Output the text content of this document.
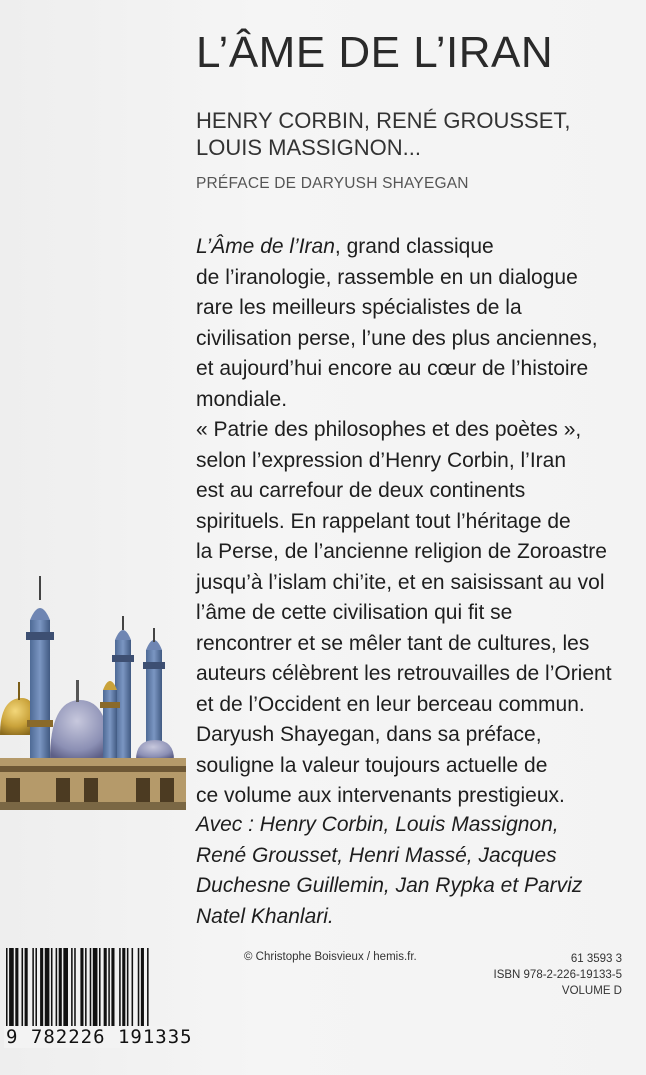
L’ÂME DE L’IRAN
HENRY CORBIN, RENÉ GROUSSET,
LOUIS MASSIGNON...
PRÉFACE DE DARYUSH SHAYEGAN
L’Âme de l’Iran, grand classique
de l’iranologie, rassemble en un dialogue
rare les meilleurs spécialistes de la
civilisation perse, l’une des plus anciennes,
et aujourd’hui encore au cœur de l’histoire
mondiale.
« Patrie des philosophes et des poètes »,
selon l’expression d’Henry Corbin, l’Iran
est au carrefour de deux continents
spirituels. En rappelant tout l’héritage de
la Perse, de l’ancienne religion de Zoroastre
jusqu’à l’islam chi’ite, et en saisissant au vol
l’âme de cette civilisation qui fit se
rencontrer et se mêler tant de cultures, les
auteurs célèbrent les retrouvailles de l’Orient
et de l’Occident en leur berceau commun.
Daryush Shayegan, dans sa préface,
souligne la valeur toujours actuelle de
ce volume aux intervenants prestigieux.
Avec : Henry Corbin, Louis Massignon,
René Grousset, Henri Massé, Jacques
Duchesne Guillemin, Jan Rypka et Parviz
Natel Khanlari.
9 782226 191335
© Christophe Boisvieux / hemis.fr.	61 3593 3
ISBN 978-2-226-19133-5
VOLUME D
